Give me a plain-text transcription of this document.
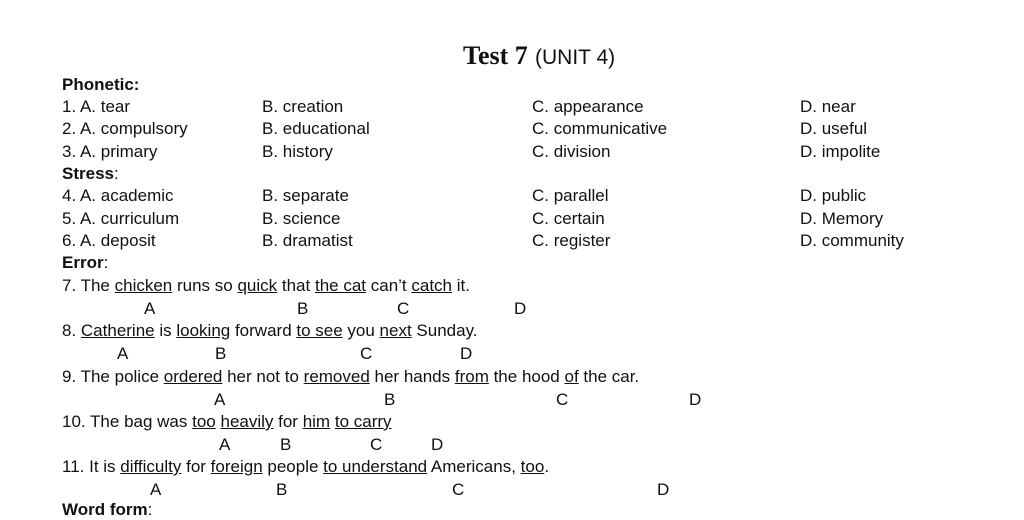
Test 7 (UNIT 4)
Phonetic:
1. A. tear	B. creation	C. appearance	D. near
2. A. compulsory	B. educational	C. communicative	D. useful
3. A. primary	B. history	C. division	D. impolite
Stress:
4. A. academic	B. separate	C. parallel	D. public
5. A. curriculum	B. science	C. certain	D. Memory
6. A. deposit	B. dramatist	C. register	D. community
Error:
7. The chicken runs so quick that the cat can’t catch it.
A	B	C	D
8. Catherine is looking forward to see you next Sunday.
A	B	C	D
9. The police ordered her not to removed her hands from the hood of the car.
A	B	C	D
10. The bag was too heavily for him to carry
A	B	C	D
11. It is difficulty for foreign people to understand Americans, too.
A	B	C	D
Word form:
